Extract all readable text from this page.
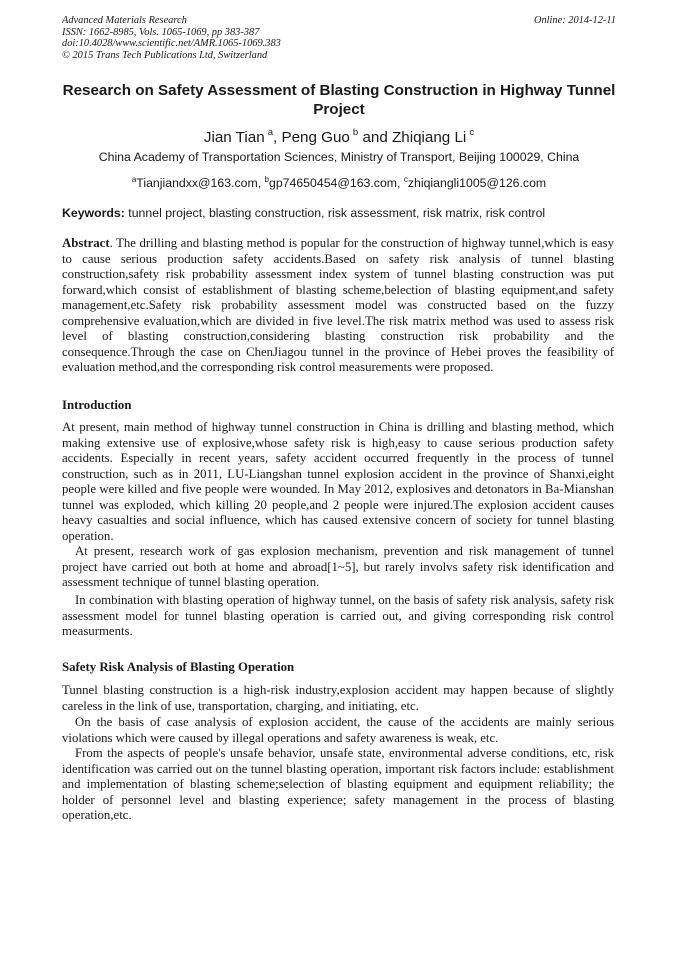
Advanced Materials Research
ISSN: 1662-8985, Vols. 1065-1069, pp 383-387
doi:10.4028/www.scientific.net/AMR.1065-1069.383
© 2015 Trans Tech Publications Ltd, Switzerland
Online: 2014-12-11
Research on Safety Assessment of Blasting Construction in Highway Tunnel Project
Jian Tian  $^a$, Peng Guo  $^b$ and Zhiqiang Li  $^c$
China Academy of Transportation Sciences, Ministry of Transport, Beijing 100029, China
$^a$Tianjiandxx@163.com, $^b$gp74650454@163.com, $^c$zhiqiangli1005@126.com
Keywords: tunnel project, blasting construction, risk assessment, risk matrix, risk control

Abstract. The drilling and blasting method is popular for the construction of highway tunnel,which is easy to cause serious production safety accidents.Based on safety risk analysis of tunnel blasting construction,safety risk probability assessment index system of tunnel blasting construction was put forward,which consist of establishment of blasting scheme,belection of blasting equipment,and safety management,etc.Safety risk probability assessment model was constructed based on the fuzzy comprehensive evaluation,which are divided in five level.The risk matrix method was used to assess risk level of blasting construction,considering blasting construction risk probability and the consequence.Through the case on ChenJiagou tunnel in the province of Hebei proves the feasibility of evaluation method,and the corresponding risk control measurements were proposed.

Introduction

At present, main method of highway tunnel construction in China is drilling and blasting method, which making extensive use of explosive,whose safety risk is high,easy to cause serious production safety accidents. Especially in recent years, safety accident occurred frequently in the process of tunnel construction, such as in 2011, LU-Liangshan tunnel explosion accident in the province of Shanxi,eight people were killed and five people were wounded. In May 2012, explosives and detonators in Ba-Mianshan tunnel was exploded, which killing 20 people,and 2 people were injured.The explosion accident causes heavy casualties and social influence, which has caused extensive concern of society for tunnel blasting operation.

At present, research work of gas explosion mechanism, prevention and risk management of tunnel project have carried out both at home and abroad[1~5], but rarely involvs safety risk identification and assessment technique of tunnel blasting operation.

In combination with blasting operation of highway tunnel, on the basis of safety risk analysis, safety risk assessment model for tunnel blasting operation is carried out, and giving corresponding risk control measurments.

Safety Risk Analysis of Blasting Operation

Tunnel blasting construction is a high-risk industry,explosion accident may happen because of slightly careless in the link of use, transportation, charging, and initiating, etc.

On the basis of case analysis of explosion accident, the cause of the accidents are mainly serious violations which were caused by illegal operations and safety awareness is weak, etc.

From the aspects of people's unsafe behavior, unsafe state, environmental adverse conditions, etc, risk identification was carried out on the tunnel blasting operation, important risk factors include: establishment and implementation of blasting scheme;selection of blasting equipment and equipment reliability; the holder of personnel level and blasting experience; safety management in the process of blasting operation,etc.
